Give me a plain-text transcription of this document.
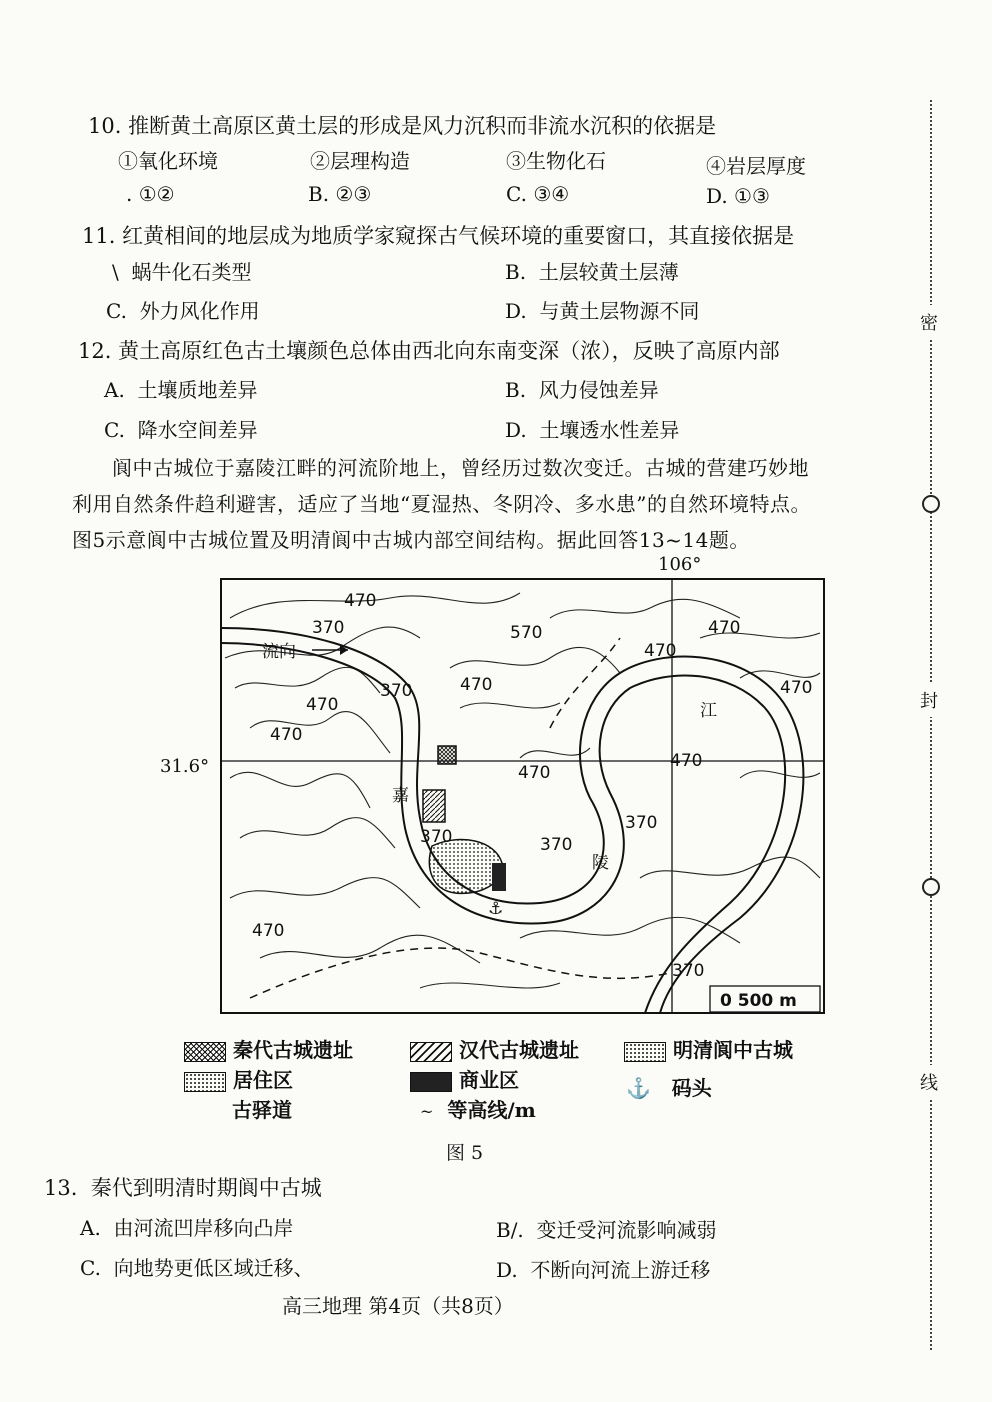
密
封
线
10. 推断黄土高原区黄土层的形成是风力沉积而非流水沉积的依据是
①氧化环境	②层理构造	③生物化石	④岩层厚度
. ①②	B. ②③	C. ③④	D. ①③
11. 红黄相间的地层成为地质学家窥探古气候环境的重要窗口，其直接依据是
\ 蜗牛化石类型	B. 土层较黄土层薄
C. 外力风化作用	D. 与黄土层物源不同
12. 黄土高原红色古土壤颜色总体由西北向东南变深（浓），反映了高原内部
A. 土壤质地差异	B. 风力侵蚀差异
C. 降水空间差异	D. 土壤透水性差异
阆中古城位于嘉陵江畔的河流阶地上，曾经历过数次变迁。古城的营建巧妙地
利用自然条件趋利避害，适应了当地“夏湿热、冬阴冷、多水患”的自然环境特点。
图5示意阆中古城位置及明清阆中古城内部空间结构。据此回答13~14题。
106°
31.6°
⚓
流向
嘉
陵
江
470
370
470
370
470
570
470
470
470
470
370
470
370
370
470
470
370
0 500 m
秦代古城遗址	汉代古城遗址	明清阆中古城
居住区	商业区	⚓ 码头
古驿道	~ 等高线/m
图 5
13. 秦代到明清时期阆中古城
A. 由河流凹岸移向凸岸	B/. 变迁受河流影响减弱
C. 向地势更低区域迁移、	D. 不断向河流上游迁移
高三地理 第4页（共8页）
